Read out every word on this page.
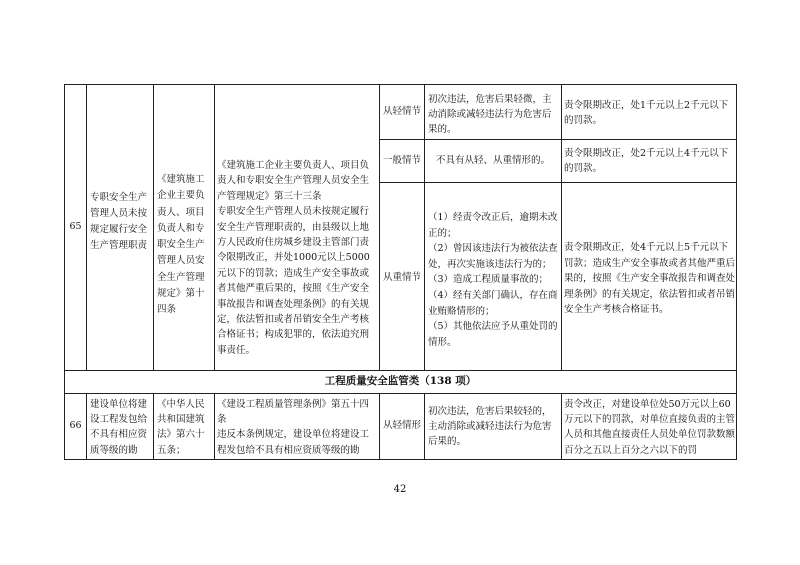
65
专职安全生产管理人员未按规定履行安全生产管理职责
《建筑施工企业主要负责人、项目负责人和专职安全生产管理人员安全生产管理规定》第十四条
《建筑施工企业主要负责人、项目负责人和专职安全生产管理人员安全生产管理规定》第三十三条
专职安全生产管理人员未按规定履行安全生产管理职责的，由县级以上地方人民政府住房城乡建设主管部门责令限期改正，并处1000元以上5000元以下的罚款；造成生产安全事故或者其他严重后果的，按照《生产安全事故报告和调查处理条例》的有关规定，依法暂扣或者吊销安全生产考核合格证书；构成犯罪的，依法追究刑事责任。
从轻情节
初次违法，危害后果轻微，主动消除或减轻违法行为危害后果的。
责令限期改正，处1千元以上2千元以下的罚款。
一般情节	不具有从轻、从重情形的。
责令限期改正，处2千元以上4千元以下的罚款。
从重情节
（1）经责令改正后，逾期未改正的；
（2）曾因该违法行为被依法查处，再次实施该违法行为的；
（3）造成工程质量事故的；
（4）经有关部门确认，存在商业贿赂情形的；
（5）其他依法应予从重处罚的情形。
责令限期改正，处4千元以上5千元以下罚款；造成生产安全事故或者其他严重后果的，按照《生产安全事故报告和调查处理条例》的有关规定，依法暂扣或者吊销安全生产考核合格证书。
工程质量安全监管类（138 项）
66
建设单位将建设工程发包给不具有相应资质等级的勘
《中华人民共和国建筑法》第六十五条；
《建设工程质量管理条例》第五十四条
违反本条例规定，建设单位将建设工程发包给不具有相应资质等级的勘
从轻情形
初次违法，危害后果较轻的，主动消除或减轻违法行为危害后果的。
责令改正，对建设单位处50万元以上60万元以下的罚款，对单位直接负责的主管人员和其他直接责任人员处单位罚款数额百分之五以上百分之六以下的罚
42
